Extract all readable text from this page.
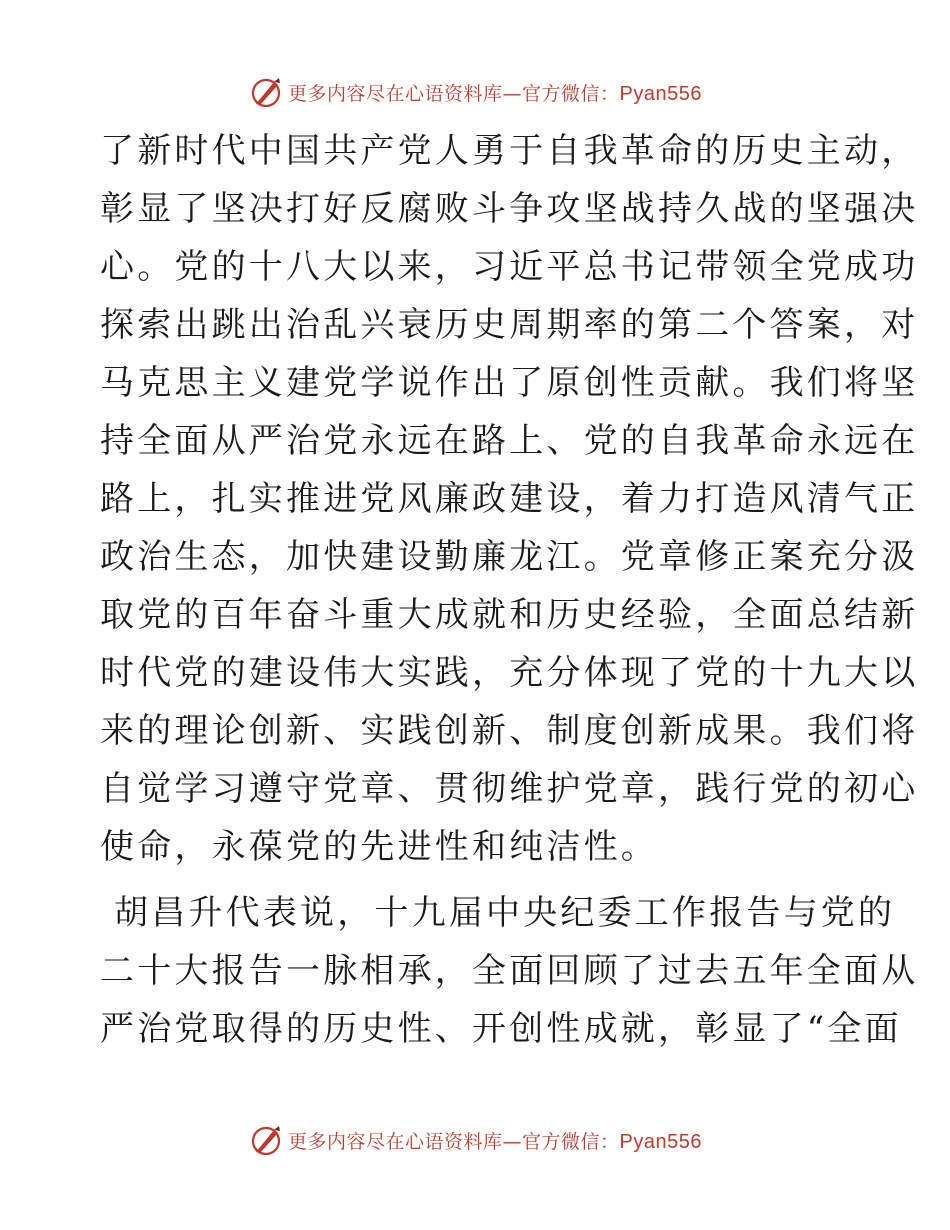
更多内容尽在心语资料库—官方微信：Pyan556
了新时代中国共产党人勇于自我革命的历史主动，
彰显了坚决打好反腐败斗争攻坚战持久战的坚强决
心。党的十八大以来，习近平总书记带领全党成功
探索出跳出治乱兴衰历史周期率的第二个答案，对
马克思主义建党学说作出了原创性贡献。我们将坚
持全面从严治党永远在路上、党的自我革命永远在
路上，扎实推进党风廉政建设，着力打造风清气正
政治生态，加快建设勤廉龙江。党章修正案充分汲
取党的百年奋斗重大成就和历史经验，全面总结新
时代党的建设伟大实践，充分体现了党的十九大以
来的理论创新、实践创新、制度创新成果。我们将
自觉学习遵守党章、贯彻维护党章，践行党的初心
使命，永葆党的先进性和纯洁性。
胡昌升代表说，十九届中央纪委工作报告与党的
二十大报告一脉相承，全面回顾了过去五年全面从
严治党取得的历史性、开创性成就，彰显了“全面
更多内容尽在心语资料库—官方微信：Pyan556
